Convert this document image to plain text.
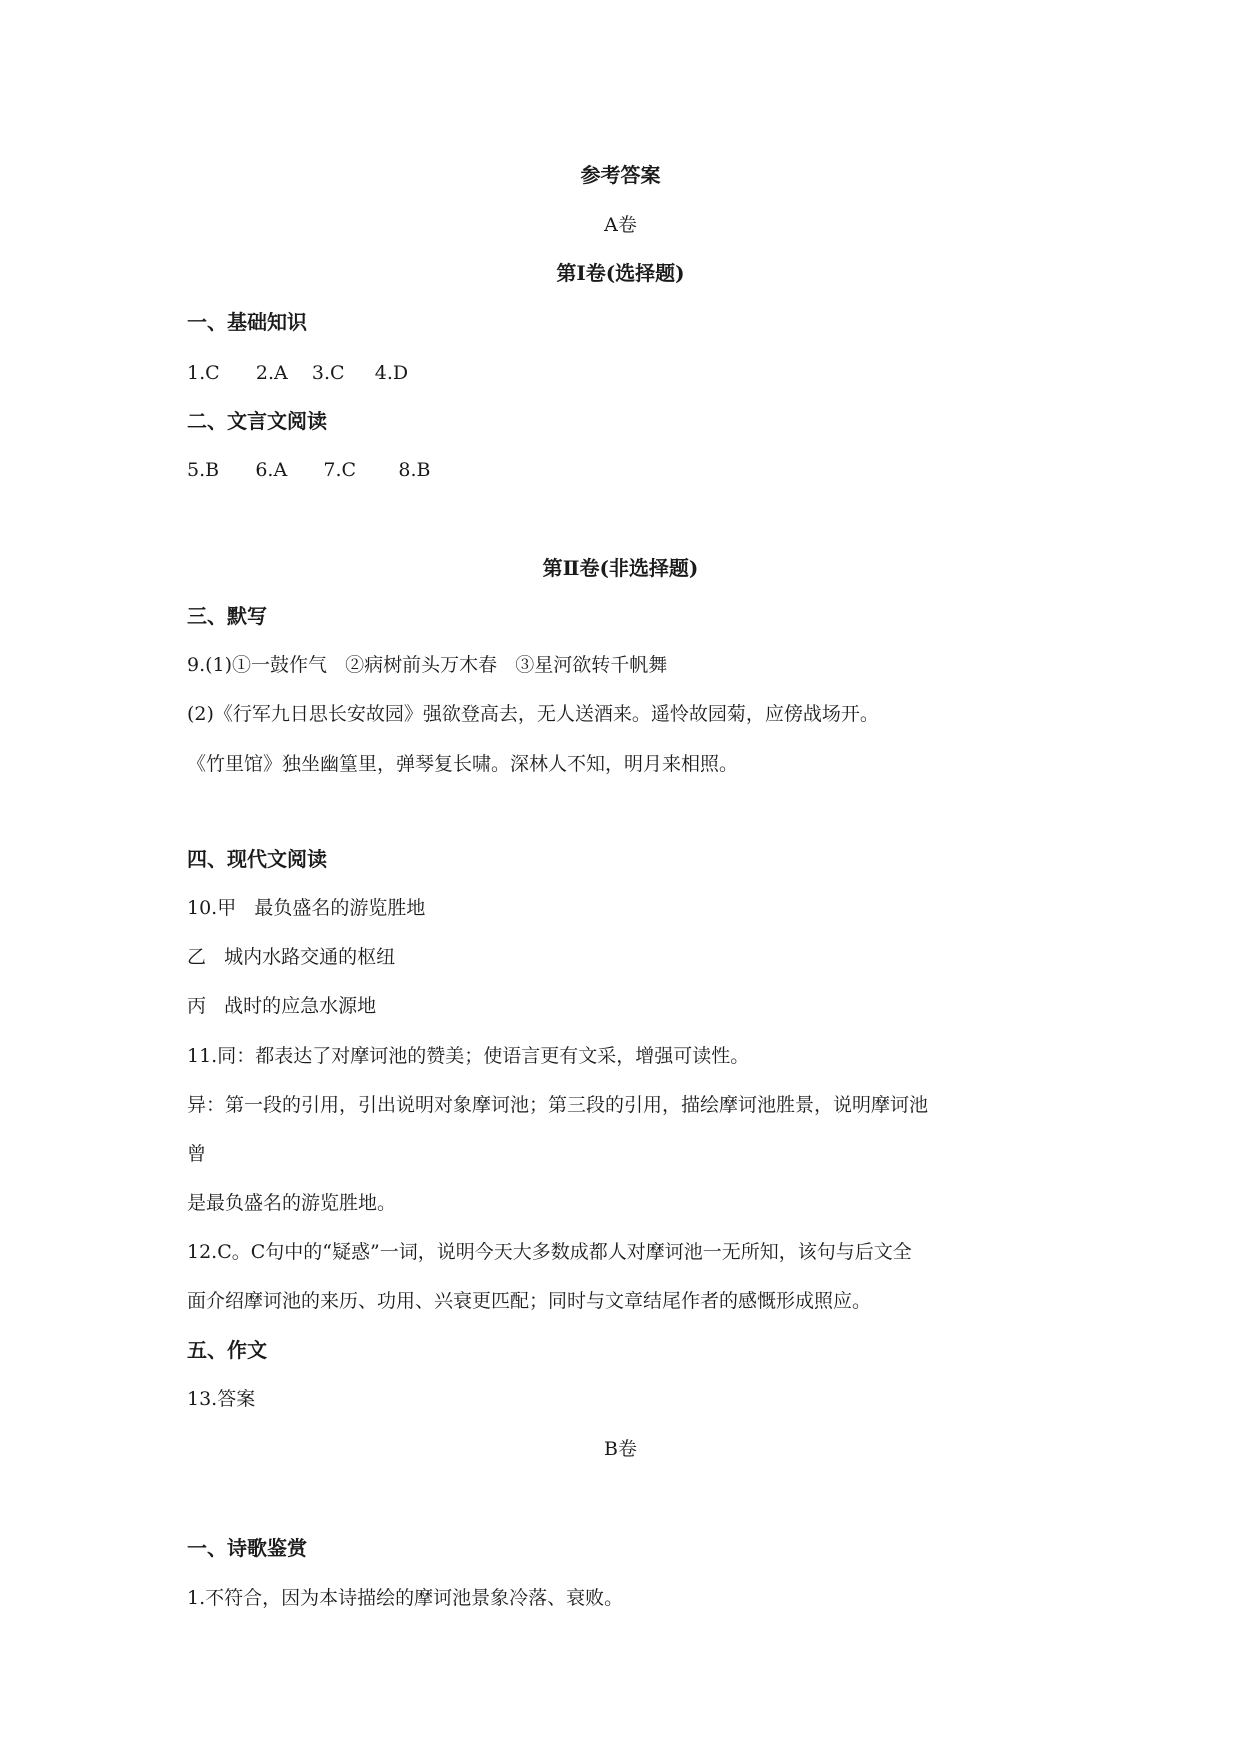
参考答案
A卷
第Ⅰ卷(选择题)
一、基础知识
1.C      2.A    3.C     4.D
二、文言文阅读
5.B      6.A      7.C       8.B
第Ⅱ卷(非选择题)
三、默写
9.(1)①一鼓作气   ②病树前头万木春   ③星河欲转千帆舞
(2)《行军九日思长安故园》强欲登高去，无人送酒来。遥怜故园菊，应傍战场开。
《竹里馆》独坐幽篁里，弹琴复长啸。深林人不知，明月来相照。
四、现代文阅读
10.甲   最负盛名的游览胜地
乙   城内水路交通的枢纽
丙   战时的应急水源地
11.同：都表达了对摩诃池的赞美；使语言更有文采，增强可读性。
异：第一段的引用，引出说明对象摩诃池；第三段的引用，描绘摩诃池胜景，说明摩诃池
曾
是最负盛名的游览胜地。
12.C。C句中的“疑惑”一词，说明今天大多数成都人对摩诃池一无所知，该句与后文全
面介绍摩诃池的来历、功用、兴衰更匹配；同时与文章结尾作者的感慨形成照应。
五、作文
13.答案
B卷
一、诗歌鉴赏
1.不符合，因为本诗描绘的摩诃池景象冷落、衰败。
